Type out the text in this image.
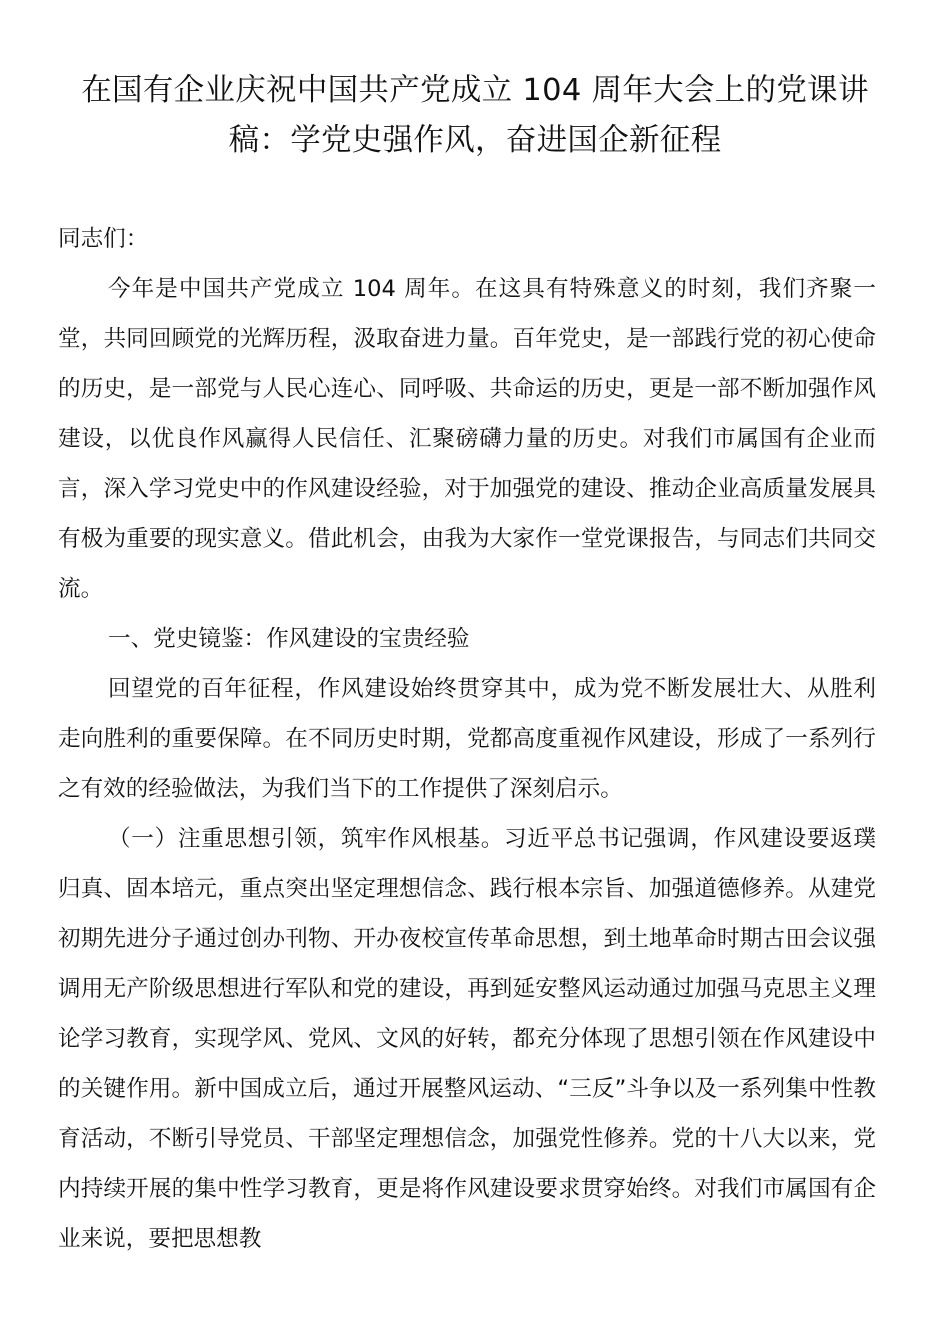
在国有企业庆祝中国共产党成立 104 周年大会上的党课讲稿：学党史强作风，奋进国企新征程

同志们：

今年是中国共产党成立 104 周年。在这具有特殊意义的时刻，我们齐聚一堂，共同回顾党的光辉历程，汲取奋进力量。百年党史，是一部践行党的初心使命的历史，是一部党与人民心连心、同呼吸、共命运的历史，更是一部不断加强作风建设，以优良作风赢得人民信任、汇聚磅礴力量的历史。对我们市属国有企业而言，深入学习党史中的作风建设经验，对于加强党的建设、推动企业高质量发展具有极为重要的现实意义。借此机会，由我为大家作一堂党课报告，与同志们共同交流。

一、党史镜鉴：作风建设的宝贵经验

回望党的百年征程，作风建设始终贯穿其中，成为党不断发展壮大、从胜利走向胜利的重要保障。在不同历史时期，党都高度重视作风建设，形成了一系列行之有效的经验做法，为我们当下的工作提供了深刻启示。

（一）注重思想引领，筑牢作风根基。习近平总书记强调，作风建设要返璞归真、固本培元，重点突出坚定理想信念、践行根本宗旨、加强道德修养。从建党初期先进分子通过创办刊物、开办夜校宣传革命思想，到土地革命时期古田会议强调用无产阶级思想进行军队和党的建设，再到延安整风运动通过加强马克思主义理论学习教育，实现学风、党风、文风的好转，都充分体现了思想引领在作风建设中的关键作用。新中国成立后，通过开展整风运动、“三反”斗争以及一系列集中性教育活动，不断引导党员、干部坚定理想信念，加强党性修养。党的十八大以来，党内持续开展的集中性学习教育，更是将作风建设要求贯穿始终。对我们市属国有企业来说，要把思想教
